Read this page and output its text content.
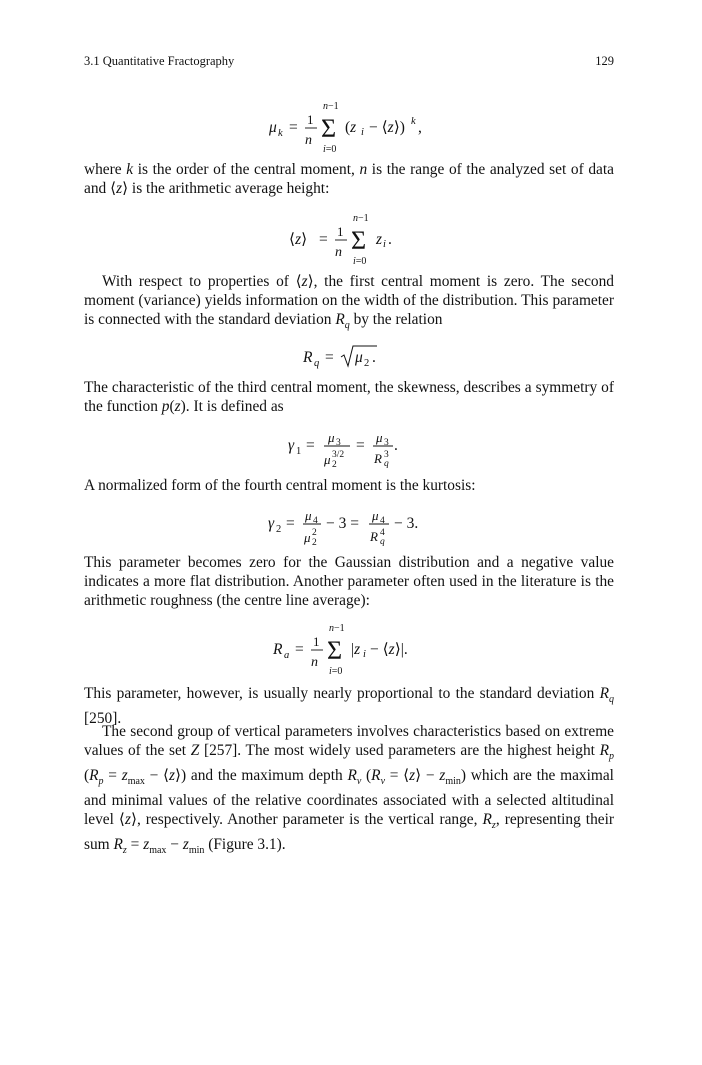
3.1 Quantitative Fractography	129
μ k = 1
n
n−1
Σ
i=0
(z i − ⟨z⟩) k ,

where k is the order of the central moment, n is the range of the analyzed set of data and ⟨z⟩ is the arithmetic average height:

⟨z⟩ = 1
n
n−1
Σ
i=0
z i .

With respect to properties of ⟨z⟩, the first central moment is zero. The second moment (variance) yields information on the width of the distribution. This parameter is connected with the standard deviation $R_q$ by the relation

R q = μ 2 .

The characteristic of the third central moment, the skewness, describes a symmetry of the function p(z). It is defined as

γ 1 = μ 3
μ 2
3/2
= μ 3
R q
3
.

A normalized form of the fourth central moment is the kurtosis:

γ 2 = μ 4
μ 2
2
− 3 = μ 4
R q
4
− 3.

This parameter becomes zero for the Gaussian distribution and a negative value indicates a more flat distribution. Another parameter often used in the literature is the arithmetic roughness (the centre line average):

R a = 1
n
n−1
Σ
i=0
|z i − ⟨z⟩|.

This parameter, however, is usually nearly proportional to the standard deviation $R_q$ [250].

The second group of vertical parameters involves characteristics based on extreme values of the set Z [257]. The most widely used parameters are the highest height $R_p$ ($R_p = z_{max}$ − ⟨z⟩) and the maximum depth $R_v$ ($R_v$ = ⟨z⟩ − $z_{min}$) which are the maximal and minimal values of the relative coordinates associated with a selected altitudinal level ⟨z⟩, respectively. Another parameter is the vertical range, $R_z$, representing their sum $R_z = z_{max} - z_{min}$ (Figure 3.1).
